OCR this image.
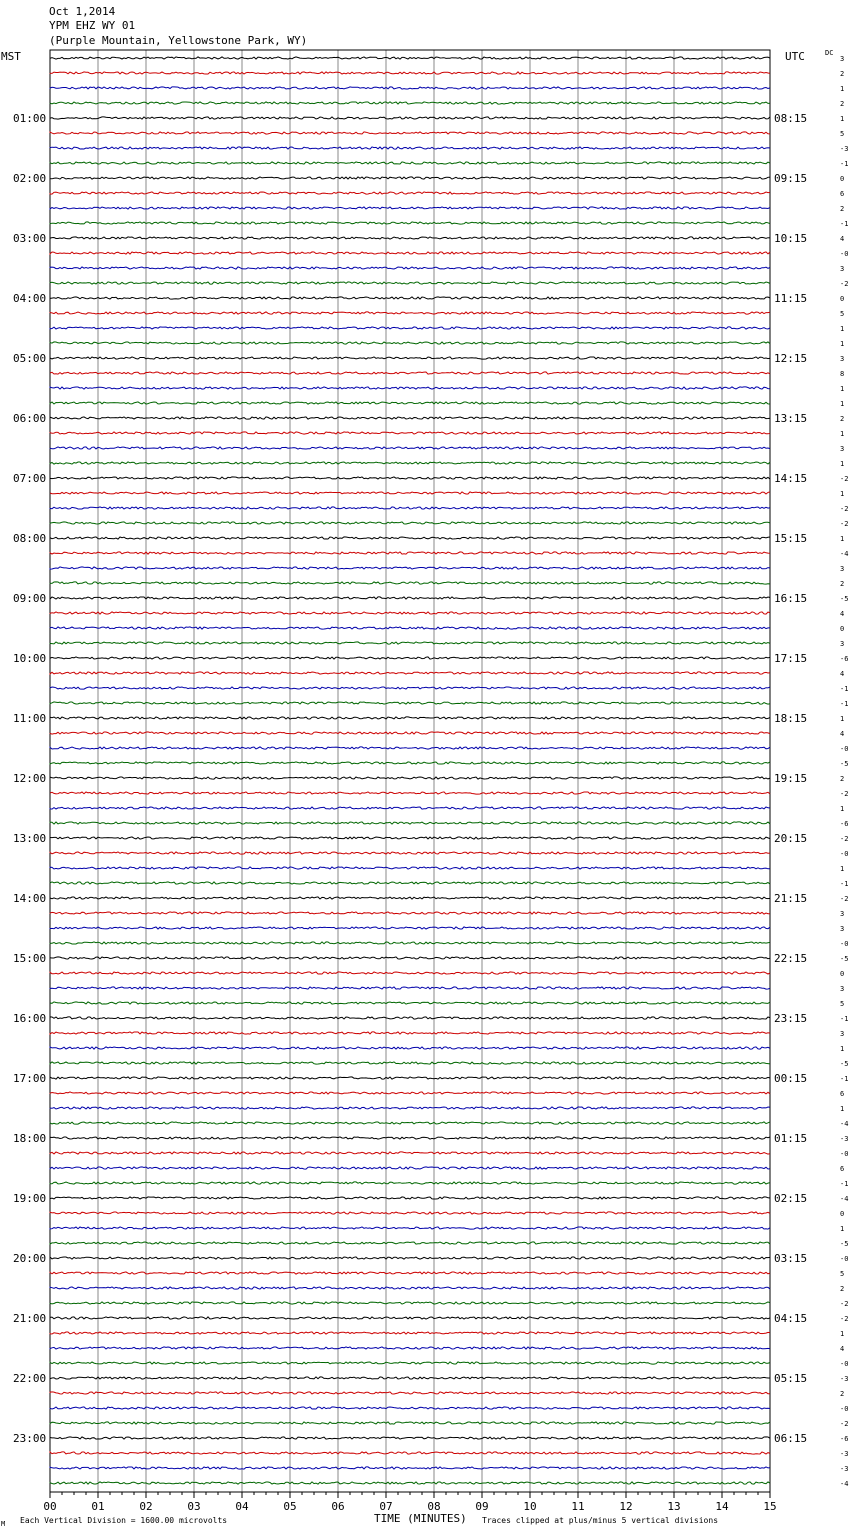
Oct 1,2014
YPM EHZ WY 01
(Purple Mountain, Yellowstone Park, WY)
MST	UTC	DC
00	01	02	03	04	05	06	07	08	09	10	11	12	13	14	15
3
2
1
2
1
5
-3
-1
0
6
2
-1
4
-0
3
-2
0
5
1
1
3
8
1
1
2
1
3
1
-2
1
-2
-2
1
-4
3
2
-5
4
0
3
-6
4
-1
-1
1
4
-0
-5
2
-2
1
-6
-2
-0
1
-1
-2
3
3
-0
-5
0
3
5
-1
3
1
-5
-1
6
1
-4
-3
-0
6
-1
-4
0
1
-5
-0
5
2
-2
-2
1
4
-0
-3
2
-0
-2
-6
-3
-3
-4
01:00
02:00
03:00
04:00
05:00
06:00
07:00
08:00
09:00
10:00
11:00
12:00
13:00
14:00
15:00
16:00
17:00
18:00
19:00
20:00
21:00
22:00
23:00
08:15
09:15
10:15
11:15
12:15
13:15
14:15
15:15
16:15
17:15
18:15
19:15
20:15
21:15
22:15
23:15
00:15
01:15
02:15
03:15
04:15
05:15
06:15
M Each Vertical Division = 1600.00 microvolts	TIME (MINUTES) Traces clipped at plus/minus 5 vertical divisions
